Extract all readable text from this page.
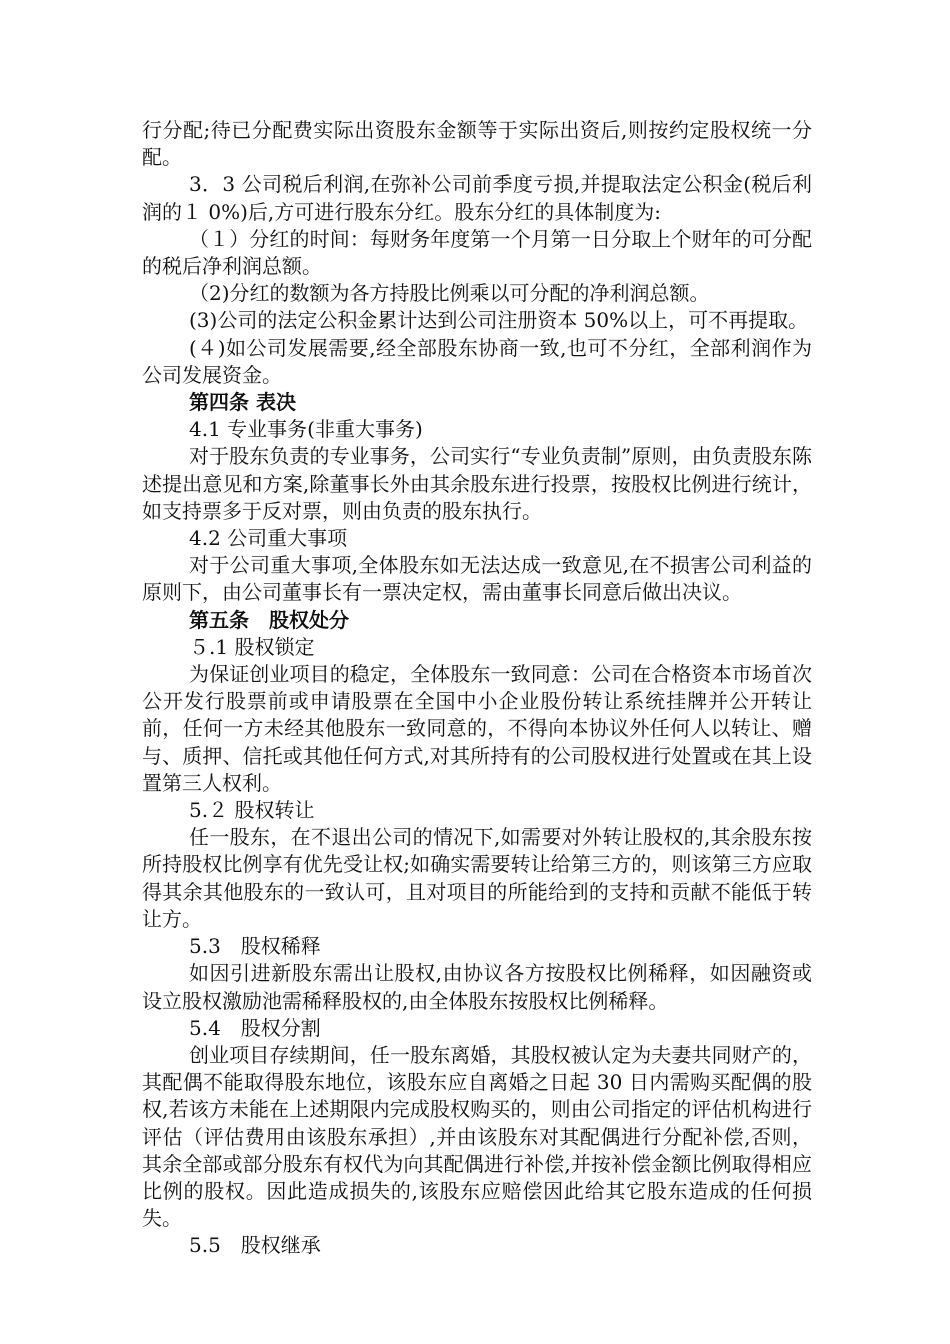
行分配;待已分配费实际出资股东金额等于实际出资后,则按约定股权统一分配。

3．3 公司税后利润,在弥补公司前季度亏损,并提取法定公积金(税后利润的１ 0%)后,方可进行股东分红。股东分红的具体制度为:

（１）分红的时间：每财务年度第一个月第一日分取上个财年的可分配的税后净利润总额。

（2)分红的数额为各方持股比例乘以可分配的净利润总额。

(3)公司的法定公积金累计达到公司注册资本 50%以上，可不再提取。

(４)如公司发展需要,经全部股东协商一致,也可不分红，全部利润作为公司发展资金。

第四条 表决

4.1 专业事务(非重大事务)

对于股东负责的专业事务，公司实行“专业负责制”原则，由负责股东陈述提出意见和方案,除董事长外由其余股东进行投票，按股权比例进行统计，如支持票多于反对票，则由负责的股东执行。

4.2 公司重大事项

对于公司重大事项,全体股东如无法达成一致意见,在不损害公司利益的原则下，由公司董事长有一票决定权，需由董事长同意后做出决议。

第五条　股权处分

５.1 股权锁定

为保证创业项目的稳定，全体股东一致同意：公司在合格资本市场首次公开发行股票前或申请股票在全国中小企业股份转让系统挂牌并公开转让前，任何一方未经其他股东一致同意的，不得向本协议外任何人以转让、赠与、质押、信托或其他任何方式,对其所持有的公司股权进行处置或在其上设置第三人权利。

5.２ 股权转让

任一股东，在不退出公司的情况下,如需要对外转让股权的,其余股东按所持股权比例享有优先受让权;如确实需要转让给第三方的，则该第三方应取得其余其他股东的一致认可，且对项目的所能给到的支持和贡献不能低于转让方。

5.3　股权稀释

如因引进新股东需出让股权,由协议各方按股权比例稀释，如因融资或设立股权激励池需稀释股权的,由全体股东按股权比例稀释。

5.4　股权分割

创业项目存续期间，任一股东离婚，其股权被认定为夫妻共同财产的，其配偶不能取得股东地位，该股东应自离婚之日起 30 日内需购买配偶的股权,若该方未能在上述期限内完成股权购买的，则由公司指定的评估机构进行评估（评估费用由该股东承担）,并由该股东对其配偶进行分配补偿,否则，其余全部或部分股东有权代为向其配偶进行补偿,并按补偿金额比例取得相应比例的股权。因此造成损失的,该股东应赔偿因此给其它股东造成的任何损失。

5.5　股权继承
